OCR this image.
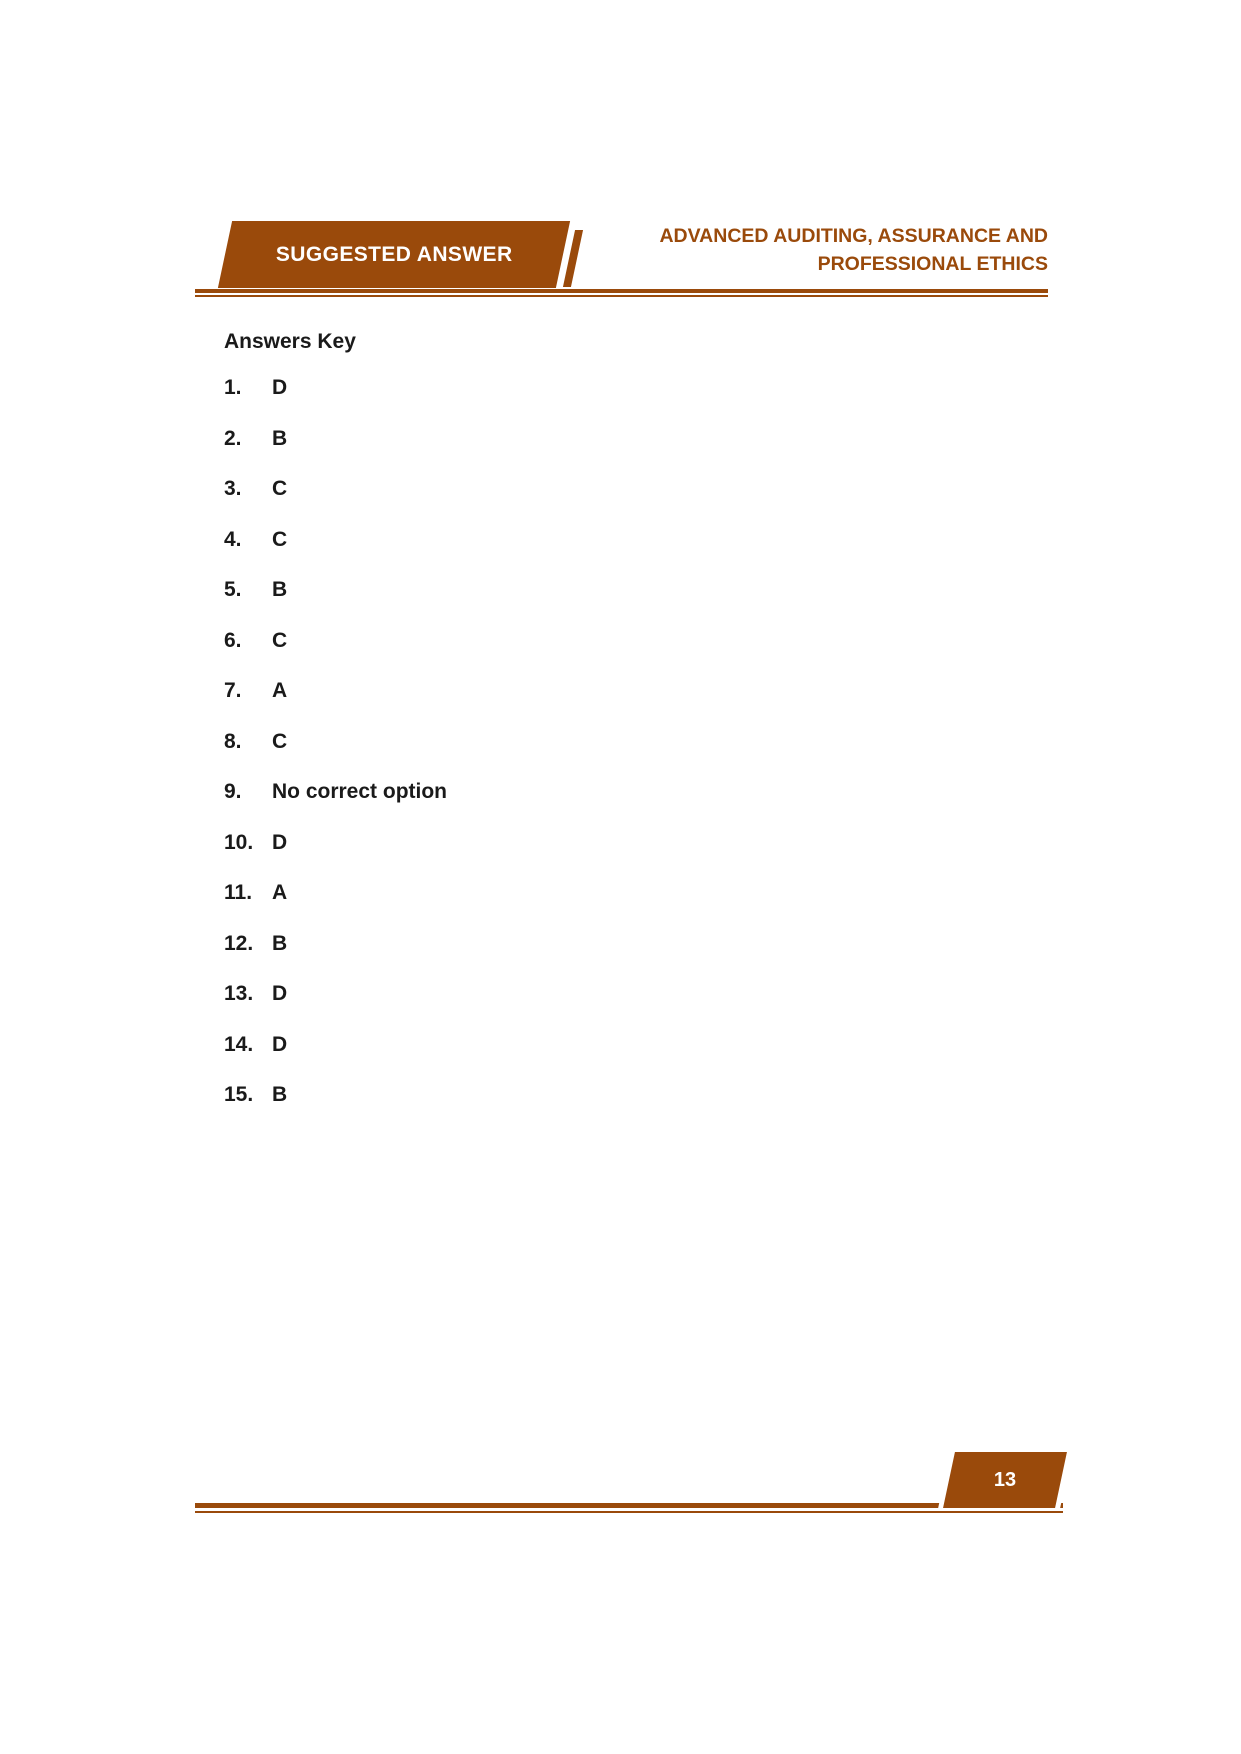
SUGGESTED ANSWER
ADVANCED AUDITING, ASSURANCE AND
PROFESSIONAL ETHICS
Answers Key
1.	D
2.	B
3.	C
4.	C
5.	B
6.	C
7.	A
8.	C
9.	No correct option
10. D
11. A
12. B
13. D
14. D
15. B
13
